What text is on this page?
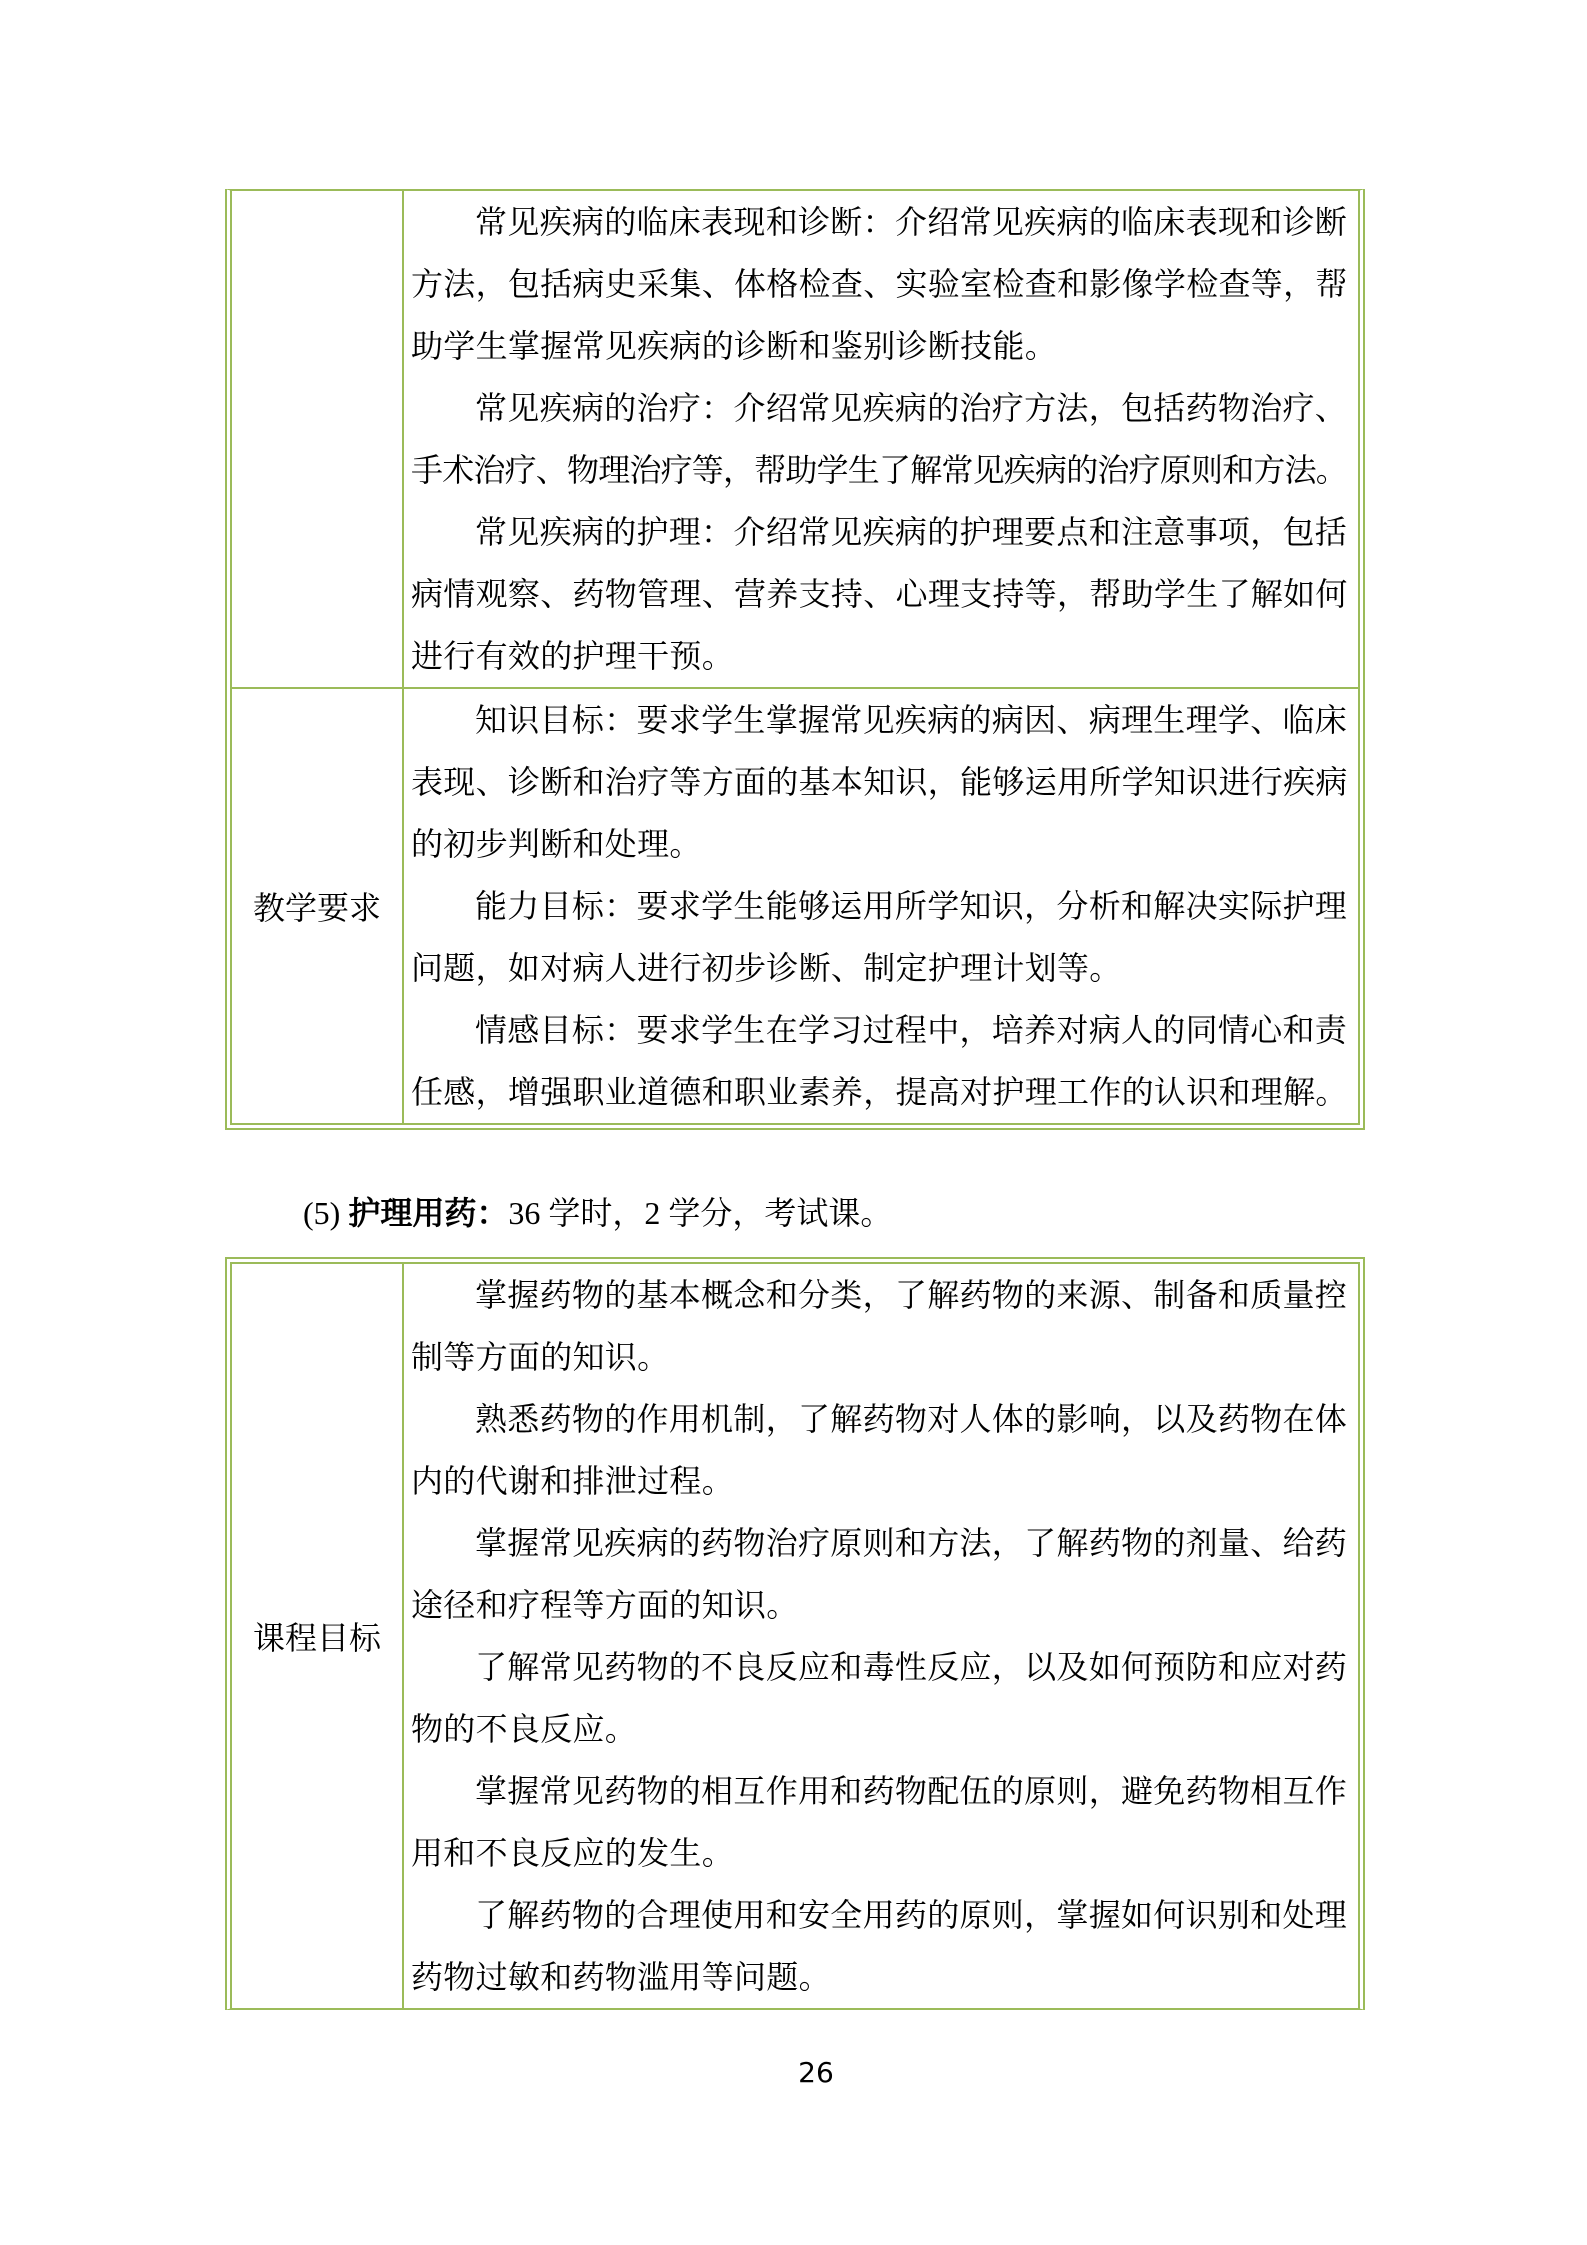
常见疾病的临床表现和诊断：介绍常见疾病的临床表现和诊断
方法，包括病史采集、体格检查、实验室检查和影像学检查等，帮
助学生掌握常见疾病的诊断和鉴别诊断技能。
常见疾病的治疗：介绍常见疾病的治疗方法，包括药物治疗、
手术治疗、物理治疗等，帮助学生了解常见疾病的治疗原则和方法。
常见疾病的护理：介绍常见疾病的护理要点和注意事项，包括
病情观察、药物管理、营养支持、心理支持等，帮助学生了解如何
进行有效的护理干预。
教学要求
知识目标：要求学生掌握常见疾病的病因、病理生理学、临床
表现、诊断和治疗等方面的基本知识，能够运用所学知识进行疾病
的初步判断和处理。
能力目标：要求学生能够运用所学知识，分析和解决实际护理
问题，如对病人进行初步诊断、制定护理计划等。
情感目标：要求学生在学习过程中，培养对病人的同情心和责
任感，增强职业道德和职业素养，提高对护理工作的认识和理解。
(5) 护理用药：36 学时，2 学分，考试课。
课程目标
掌握药物的基本概念和分类，了解药物的来源、制备和质量控
制等方面的知识。
熟悉药物的作用机制，了解药物对人体的影响，以及药物在体
内的代谢和排泄过程。
掌握常见疾病的药物治疗原则和方法，了解药物的剂量、给药
途径和疗程等方面的知识。
了解常见药物的不良反应和毒性反应，以及如何预防和应对药
物的不良反应。
掌握常见药物的相互作用和药物配伍的原则，避免药物相互作
用和不良反应的发生。
了解药物的合理使用和安全用药的原则，掌握如何识别和处理
药物过敏和药物滥用等问题。
26
